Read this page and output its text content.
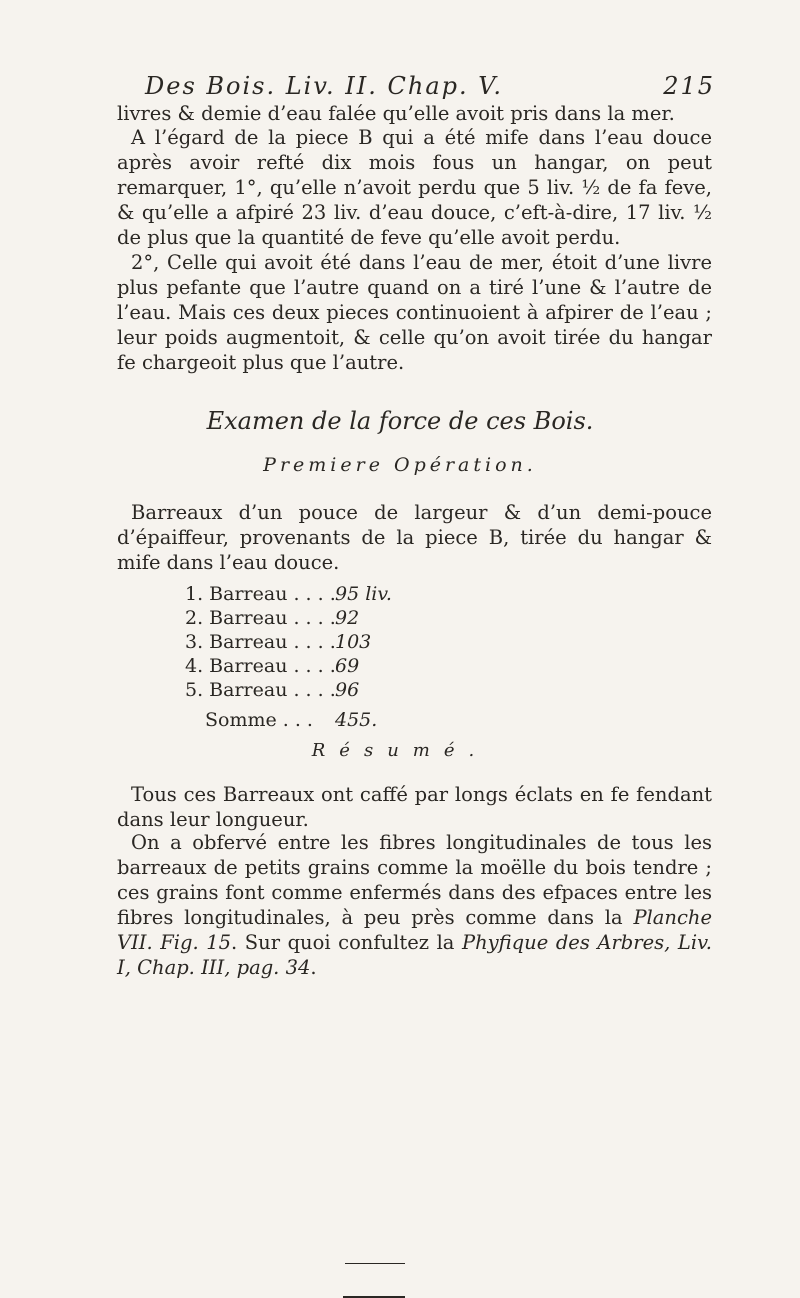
Des Bois. Liv. II. Chap. V.	215

livres & demie d’eau falée qu’elle avoit pris dans la mer.

A l’égard de la piece B qui a été mife dans l’eau douce après avoir refté dix mois fous un hangar, on peut remarquer, 1°, qu’elle n’avoit perdu que 5 liv. ½ de fa feve, & qu’elle a afpiré 23 liv. d’eau douce, c’eft-à-dire, 17 liv. ½ de plus que la quantité de feve qu’elle avoit perdu.

2°, Celle qui avoit été dans l’eau de mer, étoit d’une livre plus pefante que l’autre quand on a tiré l’une & l’autre de l’eau. Mais ces deux pieces continuoient à afpirer de l’eau ; leur poids augmentoit, & celle qu’on avoit tirée du hangar fe chargeoit plus que l’autre.

Examen de la force de ces Bois.
Premiere Opération.

Barreaux d’un pouce de largeur & d’un demi-pouce d’épaiffeur, provenants de la piece B, tirée du hangar & mife dans l’eau douce.

1. Barreau . . . . 95 liv.
2. Barreau . . . . 92
3. Barreau . . . . 103
4. Barreau . . . . 69
5. Barreau . . . . 96
Somme . . . 455.
Résumé.

Tous ces Barreaux ont caffé par longs éclats en fe fendant dans leur longueur.

On a obfervé entre les fibres longitudinales de tous les barreaux de petits grains comme la moëlle du bois tendre ; ces grains font comme enfermés dans des efpaces entre les fibres longitudinales, à peu près comme dans la Planche VII. Fig. 15. Sur quoi confultez la Phyfique des Arbres, Liv. I, Chap. III, pag. 34.
